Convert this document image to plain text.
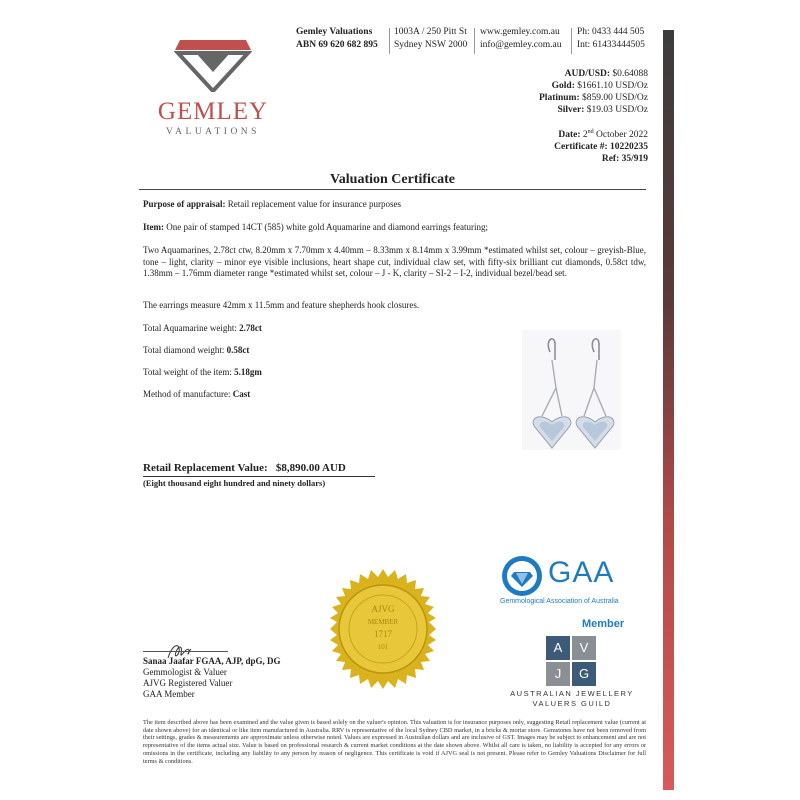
GEMLEY
VALUATIONS
Gemley Valuations
ABN 69 620 682 895
1003A / 250 Pitt St
Sydney NSW 2000
www.gemley.com.au
info@gemley.com.au
Ph: 0433 444 505
Int: 61433444505
AUD/USD: $0.64088
Gold: $1661.10 USD/Oz
Platinum: $859.00 USD/Oz
Silver: $19.03 USD/Oz
Date: 2nd October 2022
Certificate #: 10220235
Ref: 35/919
Valuation Certificate
Purpose of appraisal: Retail replacement value for insurance purposes
Item: One pair of stamped 14CT (585) white gold Aquamarine and diamond earrings featuring;
Two Aquamarines, 2.78ct ctw, 8.20mm x 7.70mm x 4.40mm – 8.33mm x 8.14mm x 3.99mm *estimated whilst set, colour – greyish-Blue, tone – light, clarity – minor eye visible inclusions, heart shape cut, individual claw set, with fifty-six brilliant cut diamonds, 0.58ct tdw, 1.38mm – 1.76mm diameter range *estimated whilst set, colour – J - K, clarity – SI-2 – I-2, individual bezel/bead set.
The earrings measure 42mm x 11.5mm and feature shepherds hook closures.
Total Aquamarine weight: 2.78ct
Total diamond weight: 0.58ct
Total weight of the item: 5.18gm
Method of manufacture: Cast
Retail Replacement Value: $8,890.00 AUD
(Eight thousand eight hundred and ninety dollars)
AJVG
MEMBER
1717
101
Sanaa Jaafar FGAA, AJP, dpG, DG
Gemmologist & Valuer
AJVG Registered Valuer
GAA Member
GAA
Gemmological Association of Australia
Member
A	V
J	G
AUSTRALIAN JEWELLERY
VALUERS GUILD
The item described above has been examined and the value given is based solely on the valuer's opinion. This valuation is for insurance purposes only, suggesting Retail replacement value (current at date shown above) for an identical or like item manufactured in Australia. RRV is representative of the local Sydney CBD market, in a bricks & mortar store. Gemstones have not been removed from their settings, grades & measurements are approximate unless otherwise noted. Values are expressed in Australian dollars and are inclusive of GST. Images may be subject to enhancement and are not representative of the items actual size. Value is based on professional research & current market conditions at the date shown above. Whilst all care is taken, no liability is accepted for any errors or omissions in the certificate, including any liability to any person by reason of negligence. This certificate is void if AJVG seal is not present. Please refer to Gemley Valuations Disclaimer for full terms & conditions.
